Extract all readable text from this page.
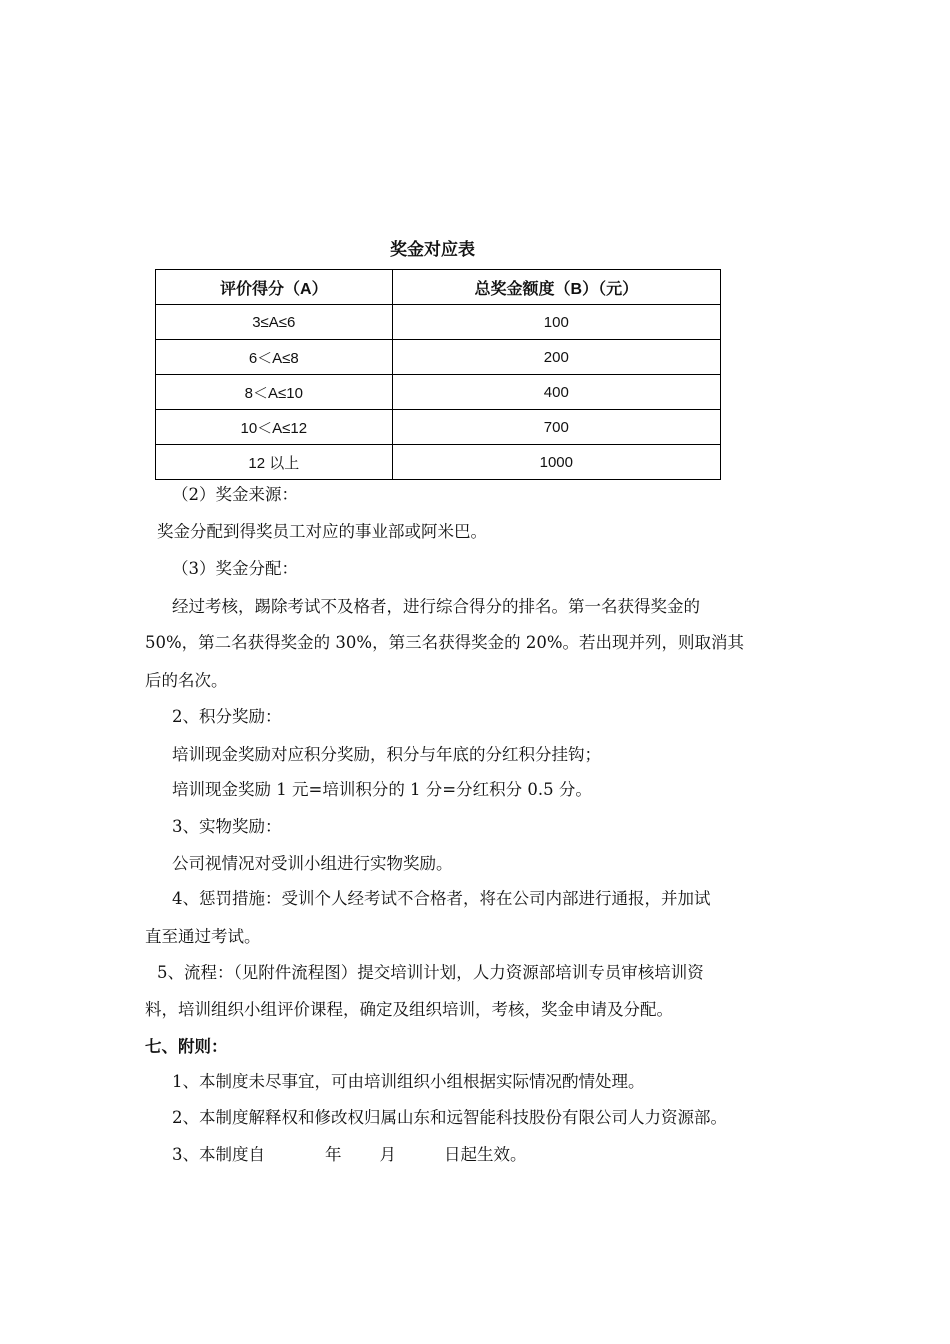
奖金对应表
评价得分（A）	总奖金额度（B）（元）
3≤A≤6	100
6＜A≤8	200
8＜A≤10	400
10＜A≤12	700
12 以上	1000
（2）奖金来源：
奖金分配到得奖员工对应的事业部或阿米巴。
（3）奖金分配：
经过考核，踢除考试不及格者，进行综合得分的排名。第一名获得奖金的
50%，第二名获得奖金的 30%，第三名获得奖金的 20%。若出现并列，则取消其
后的名次。
2、积分奖励：
培训现金奖励对应积分奖励，积分与年底的分红积分挂钩；
培训现金奖励 1 元=培训积分的 1 分=分红积分 0.5 分。
3、实物奖励：
公司视情况对受训小组进行实物奖励。
4、惩罚措施：受训个人经考试不合格者，将在公司内部进行通报，并加试
直至通过考试。
5、流程：（见附件流程图）提交培训计划，人力资源部培训专员审核培训资
料，培训组织小组评价课程，确定及组织培训，考核，奖金申请及分配。
七、附则：
1、本制度未尽事宜，可由培训组织小组根据实际情况酌情处理。
2、本制度解释权和修改权归属山东和远智能科技股份有限公司人力资源部。
3、本制度自	年 月	日起生效。
